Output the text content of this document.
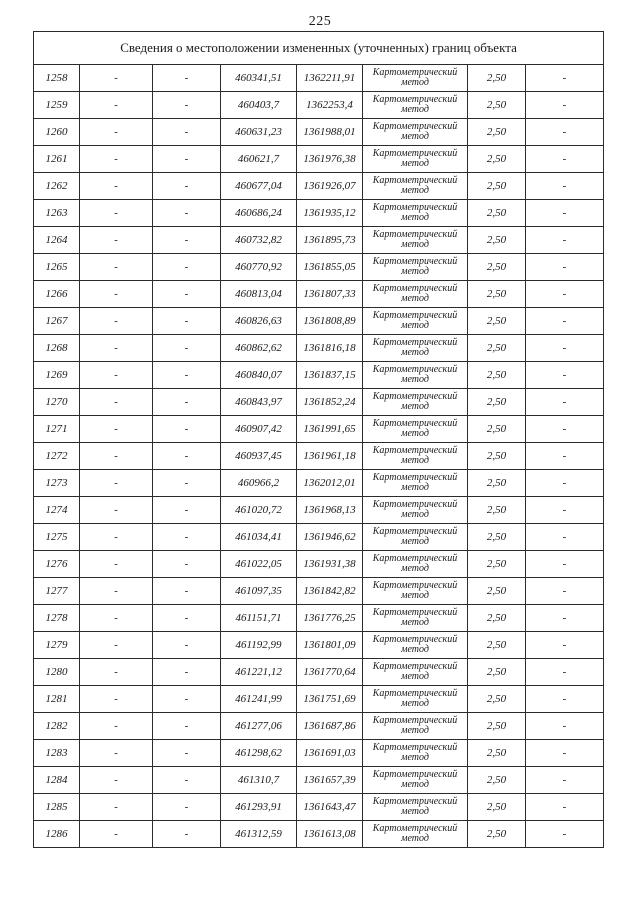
225
Сведения о местоположении измененных (уточненных) границ объекта							
1258	-	-	460341,51	1362211,91	Картометрический метод	2,50	-
1259	-	-	460403,7	1362253,4	Картометрический метод	2,50	-
1260	-	-	460631,23	1361988,01	Картометрический метод	2,50	-
1261	-	-	460621,7	1361976,38	Картометрический метод	2,50	-
1262	-	-	460677,04	1361926,07	Картометрический метод	2,50	-
1263	-	-	460686,24	1361935,12	Картометрический метод	2,50	-
1264	-	-	460732,82	1361895,73	Картометрический метод	2,50	-
1265	-	-	460770,92	1361855,05	Картометрический метод	2,50	-
1266	-	-	460813,04	1361807,33	Картометрический метод	2,50	-
1267	-	-	460826,63	1361808,89	Картометрический метод	2,50	-
1268	-	-	460862,62	1361816,18	Картометрический метод	2,50	-
1269	-	-	460840,07	1361837,15	Картометрический метод	2,50	-
1270	-	-	460843,97	1361852,24	Картометрический метод	2,50	-
1271	-	-	460907,42	1361991,65	Картометрический метод	2,50	-
1272	-	-	460937,45	1361961,18	Картометрический метод	2,50	-
1273	-	-	460966,2	1362012,01	Картометрический метод	2,50	-
1274	-	-	461020,72	1361968,13	Картометрический метод	2,50	-
1275	-	-	461034,41	1361946,62	Картометрический метод	2,50	-
1276	-	-	461022,05	1361931,38	Картометрический метод	2,50	-
1277	-	-	461097,35	1361842,82	Картометрический метод	2,50	-
1278	-	-	461151,71	1361776,25	Картометрический метод	2,50	-
1279	-	-	461192,99	1361801,09	Картометрический метод	2,50	-
1280	-	-	461221,12	1361770,64	Картометрический метод	2,50	-
1281	-	-	461241,99	1361751,69	Картометрический метод	2,50	-
1282	-	-	461277,06	1361687,86	Картометрический метод	2,50	-
1283	-	-	461298,62	1361691,03	Картометрический метод	2,50	-
1284	-	-	461310,7	1361657,39	Картометрический метод	2,50	-
1285	-	-	461293,91	1361643,47	Картометрический метод	2,50	-
1286	-	-	461312,59	1361613,08	Картометрический метод	2,50	-
